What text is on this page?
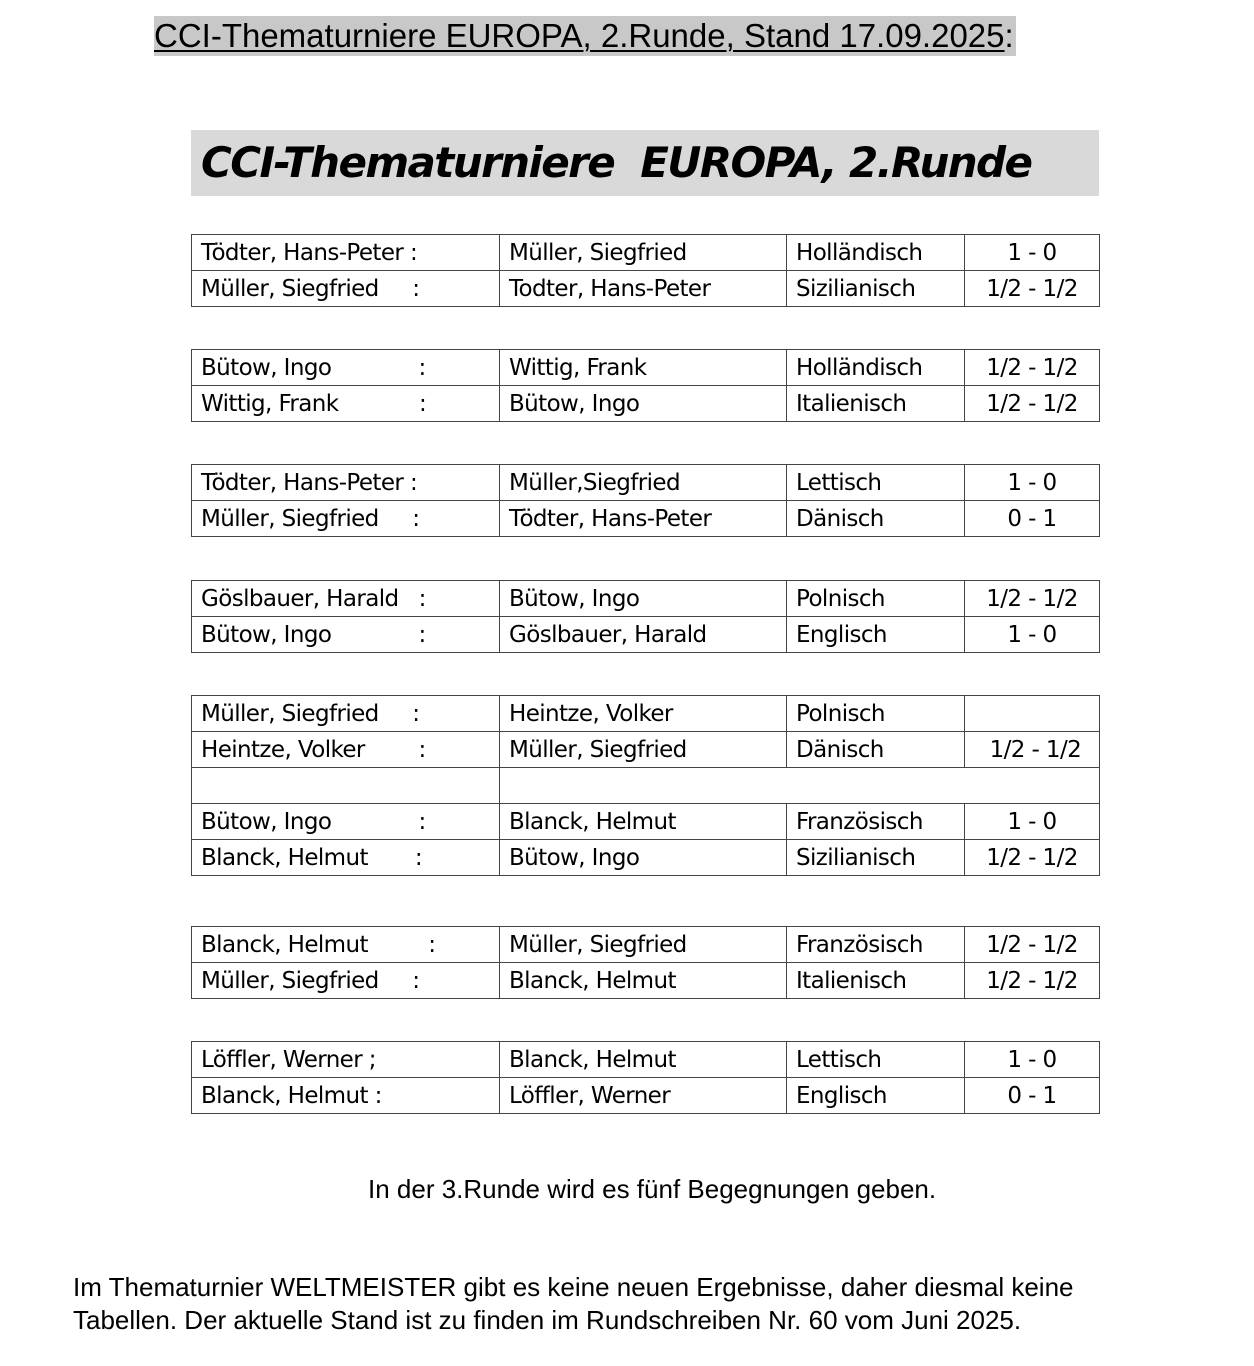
CCI-Thematurniere EUROPA, 2.Runde, Stand 17.09.2025:
CCI-Thematurniere  EUROPA, 2.Runde
Tödter, Hans-Peter :	Müller, Siegfried	Holländisch	1 - 0
Müller, Siegfried     :	Todter, Hans-Peter	Sizilianisch	1/2 - 1/2
Bütow, Ingo             :	Wittig, Frank	Holländisch	1/2 - 1/2
Wittig, Frank            :	Bütow, Ingo	Italienisch	1/2 - 1/2
Tödter, Hans-Peter :	Müller,Siegfried	Lettisch	1 - 0
Müller, Siegfried     :	Tödter, Hans-Peter	Dänisch	0 - 1
Göslbauer, Harald   :	Bütow, Ingo	Polnisch	1/2 - 1/2
Bütow, Ingo             :	Göslbauer, Harald	Englisch	1 - 0
Müller, Siegfried     :	Heintze, Volker	Polnisch	
Heintze, Volker        :	Müller, Siegfried	Dänisch	1/2 - 1/2

Bütow, Ingo             :	Blanck, Helmut	Französisch	1 - 0
Blanck, Helmut       :	Bütow, Ingo	Sizilianisch	1/2 - 1/2
Blanck, Helmut         :	Müller, Siegfried	Französisch	1/2 - 1/2
Müller, Siegfried     :	Blanck, Helmut	Italienisch	1/2 - 1/2
Löffler, Werner ;	Blanck, Helmut	Lettisch	1 - 0
Blanck, Helmut :	Löffler, Werner	Englisch	0 - 1
In der 3.Runde wird es fünf Begegnungen geben.
Im Thematurnier WELTMEISTER gibt es keine neuen Ergebnisse, daher diesmal keine
Tabellen. Der aktuelle Stand ist zu finden im Rundschreiben Nr. 60 vom Juni 2025.
